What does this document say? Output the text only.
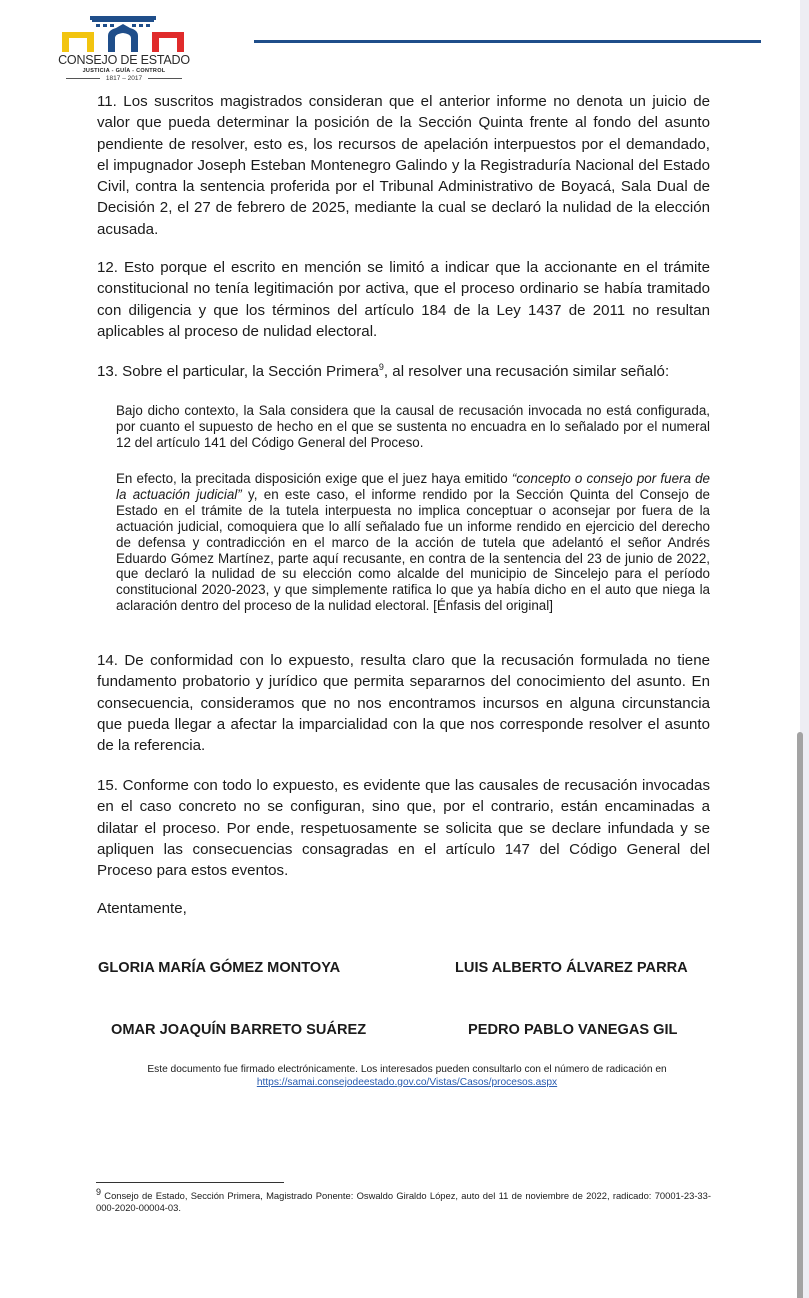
CONSEJO DE ESTADO
JUSTICIA - GUÍA - CONTROL
1817 – 2017

11. Los suscritos magistrados consideran que el anterior informe no denota un juicio de valor que pueda determinar la posición de la Sección Quinta frente al fondo del asunto pendiente de resolver, esto es, los recursos de apelación interpuestos por el demandado, el impugnador Joseph Esteban Montenegro Galindo y la Registraduría Nacional del Estado Civil, contra la sentencia proferida por el Tribunal Administrativo de Boyacá, Sala Dual de Decisión 2, el 27 de febrero de 2025, mediante la cual se declaró la nulidad de la elección acusada.

12. Esto porque el escrito en mención se limitó a indicar que la accionante en el trámite constitucional no tenía legitimación por activa, que el proceso ordinario se había tramitado con diligencia y que los términos del artículo 184 de la Ley 1437 de 2011 no resultan aplicables al proceso de nulidad electoral.

13. Sobre el particular, la Sección Primera$^9$, al resolver una recusación similar señaló:

Bajo dicho contexto, la Sala considera que la causal de recusación invocada no está configurada, por cuanto el supuesto de hecho en el que se sustenta no encuadra en lo señalado por el numeral 12 del artículo 141 del Código General del Proceso.

En efecto, la precitada disposición exige que el juez haya emitido “concepto o consejo por fuera de la actuación judicial” y, en este caso, el informe rendido por la Sección Quinta del Consejo de Estado en el trámite de la tutela interpuesta no implica conceptuar o aconsejar por fuera de la actuación judicial, comoquiera que lo allí señalado fue un informe rendido en ejercicio del derecho de defensa y contradicción en el marco de la acción de tutela que adelantó el señor Andrés Eduardo Gómez Martínez, parte aquí recusante, en contra de la sentencia del 23 de junio de 2022, que declaró la nulidad de su elección como alcalde del municipio de Sincelejo para el período constitucional 2020-2023, y que simplemente ratifica lo que ya había dicho en el auto que niega la aclaración dentro del proceso de la nulidad electoral. [Énfasis del original]

14. De conformidad con lo expuesto, resulta claro que la recusación formulada no tiene fundamento probatorio y jurídico que permita separarnos del conocimiento del asunto. En consecuencia, consideramos que no nos encontramos incursos en alguna circunstancia que pueda llegar a afectar la imparcialidad con la que nos corresponde resolver el asunto de la referencia.

15. Conforme con todo lo expuesto, es evidente que las causales de recusación invocadas en el caso concreto no se configuran, sino que, por el contrario, están encaminadas a dilatar el proceso. Por ende, respetuosamente se solicita que se declare infundada y se apliquen las consecuencias consagradas en el artículo 147 del Código General del Proceso para estos eventos.

Atentamente,

GLORIA MARÍA GÓMEZ MONTOYA	LUIS ALBERTO ÁLVAREZ PARRA
OMAR JOAQUÍN BARRETO SUÁREZ	PEDRO PABLO VANEGAS GIL
Este documento fue firmado electrónicamente. Los interesados pueden consultarlo con el número de radicación en
https://samai.consejodeestado.gov.co/Vistas/Casos/procesos.aspx
$^9$ Consejo de Estado, Sección Primera, Magistrado Ponente: Oswaldo Giraldo López, auto del 11 de noviembre de 2022, radicado: 70001-23-33-000-2020-00004-03.
